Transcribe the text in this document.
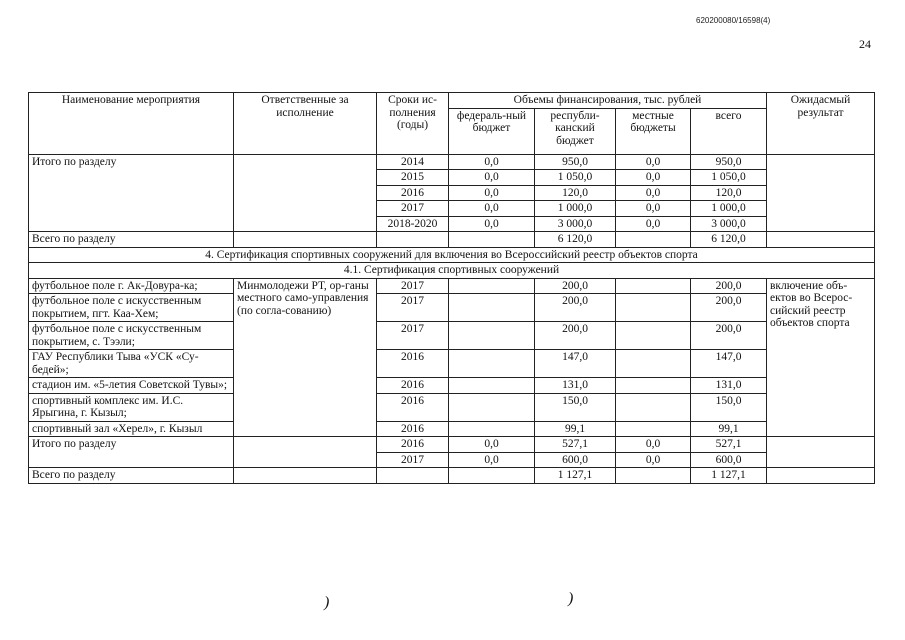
620200080/16598(4)
24
Наименование мероприятия	Ответственные за исполнение	Сроки ис-полнения (годы)	Объемы финансирования, тыс. рублей				Ожидасмый результат
			федераль-ный бюджет	республи-канский бюджет	местные бюджеты	всего	
Итого по разделу		2014	0,0	950,0	0,0	950,0	
		2015	0,0	1 050,0	0,0	1 050,0	
		2016	0,0	120,0	0,0	120,0	
		2017	0,0	1 000,0	0,0	1 000,0	
		2018-2020	0,0	3 000,0	0,0	3 000,0	
Всего по разделу				6 120,0		6 120,0	
4. Сертификация спортивных сооружений для включения во Всероссийский реестр объектов спорта							
4.1. Сертификация спортивных сооружений							
футбольное поле г. Ак-Довура-ка;	Минмолодежи РТ, ор-ганы местного само-управления (по согла-сованию)	2017		200,0		200,0	включение объ-ектов во Всерос-сийский реестр объектов спорта
футбольное поле с искусственным покрытием, пгт. Каа-Хем;		2017		200,0		200,0	
футбольное поле с искусственным покрытием, с. Тээли;		2017		200,0		200,0	
ГАУ Республики Тыва «УСК «Су-бедей»;		2016		147,0		147,0	
стадион им. «5-летия Советской Тувы»;		2016		131,0		131,0	
спортивный комплекс им. И.С. Ярыгина, г. Кызыл;		2016		150,0		150,0	
спортивный зал «Херел», г. Кызыл		2016		99,1		99,1	
Итого по разделу		2016	0,0	527,1	0,0	527,1	
		2017	0,0	600,0	0,0	600,0	
Всего по разделу				1 127,1		1 127,1	
)	)
